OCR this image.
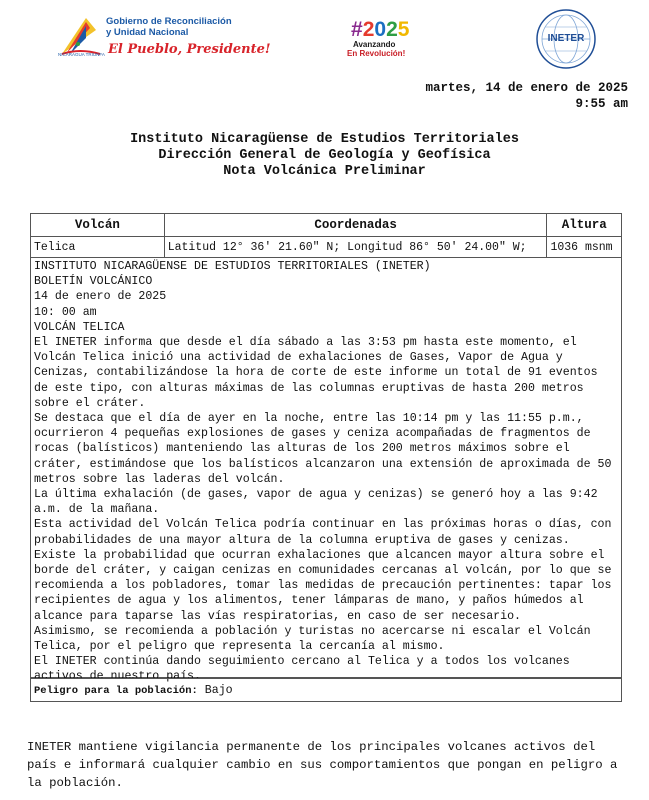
Gobierno de Reconciliación
y Unidad Nacional
El Pueblo, Presidente!
NICARAGUA TRIUNFA
#2025
Avanzando
En Revolución!
INETER
martes, 14 de enero de 2025
9:55 am
Instituto Nicaragüense de Estudios Territoriales
Dirección General de Geología y Geofísica
Nota Volcánica Preliminar
Volcán	Coordenadas	Altura
Telica	Latitud 12° 36' 21.60" N; Longitud 86° 50' 24.00" W;	1036 msnm

INSTITUTO NICARAGÜENSE DE ESTUDIOS TERRITORIALES (INETER)

BOLETÍN VOLCÁNICO

14 de enero de 2025

10: 00 am

VOLCÁN TELICA

El INETER informa que desde el día sábado a las 3:53 pm hasta este momento, el Volcán Telica inició una actividad de exhalaciones de Gases, Vapor de Agua y Cenizas, contabilizándose la hora de corte de este informe un total de 91 eventos de este tipo, con alturas máximas de las columnas eruptivas de hasta 200 metros sobre el cráter.

Se destaca que el día de ayer en la noche, entre las 10:14 pm y las 11:55 p.m., ocurrieron 4 pequeñas explosiones de gases y ceniza acompañadas de fragmentos de rocas (balísticos) manteniendo las alturas de los 200 metros máximos sobre el cráter, estimándose que los balísticos alcanzaron una extensión de aproximada de 50 metros sobre las laderas del volcán.

La última exhalación (de gases, vapor de agua y cenizas) se generó hoy a las 9:42 a.m. de la mañana.

Esta actividad del Volcán Telica podría continuar en las próximas horas o días, con probabilidades de una mayor altura de la columna eruptiva de gases y cenizas.

Existe la probabilidad que ocurran exhalaciones que alcancen mayor altura sobre el borde del cráter, y caigan cenizas en comunidades cercanas al volcán, por lo que se recomienda a los pobladores, tomar las medidas de precaución pertinentes: tapar los recipientes de agua y los alimentos, tener lámparas de mano, y paños húmedos al alcance para taparse las vías respiratorias, en caso de ser necesario.

Asimismo, se recomienda a población y turistas no acercarse ni escalar el Volcán Telica, por el peligro que representa la cercanía al mismo.

El INETER continúa dando seguimiento cercano al Telica y a todos los volcanes activos de nuestro país.

Peligro para la población: Bajo
INETER mantiene vigilancia permanente de los principales volcanes activos del país e informará cualquier cambio en sus comportamientos que pongan en peligro a la población.
